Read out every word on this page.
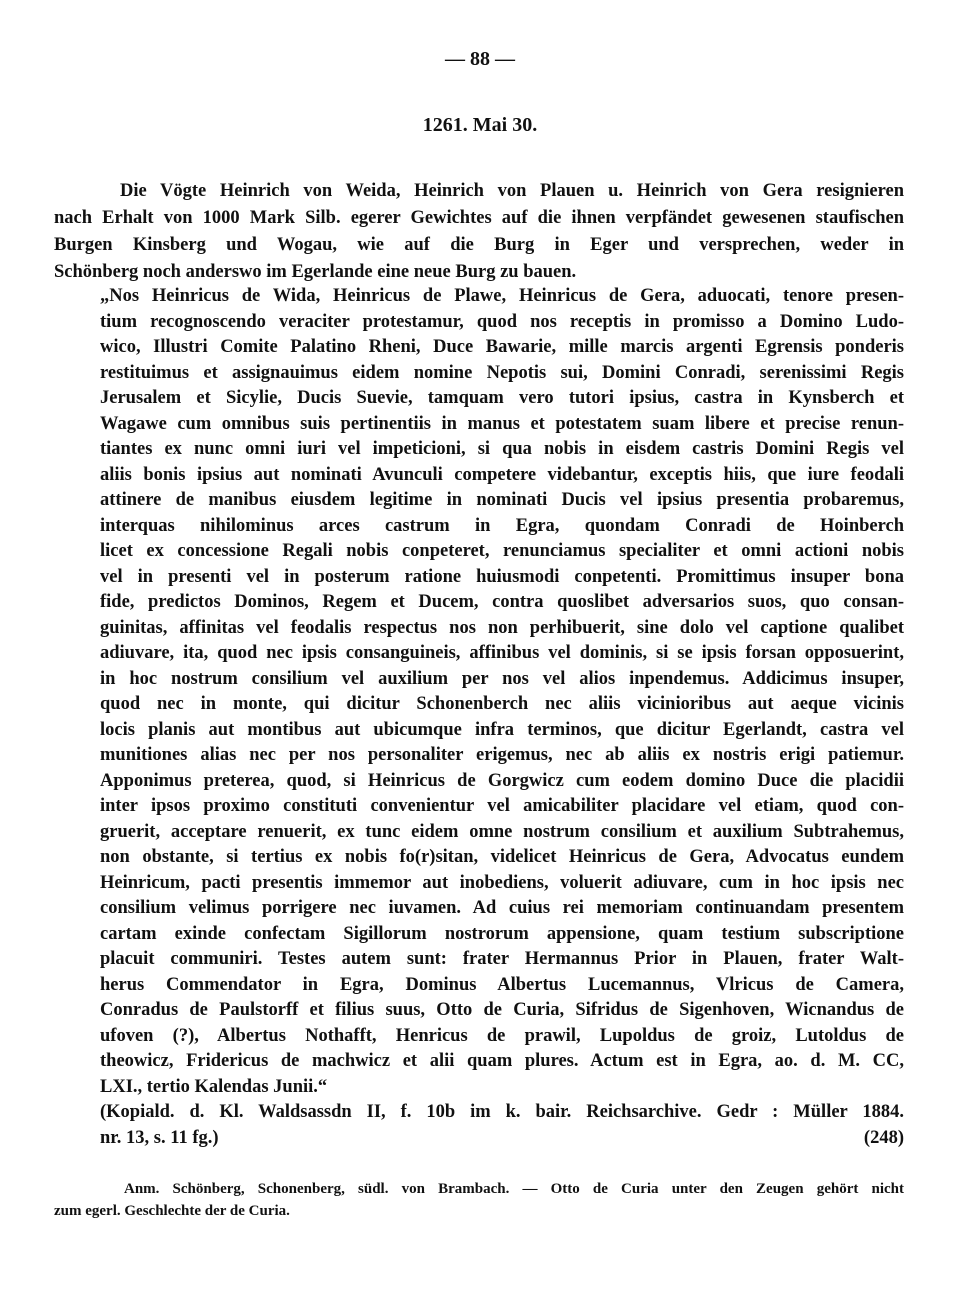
— 88 —
1261. Mai 30.
Die Vögte Heinrich von Weida, Heinrich von Plauen u. Heinrich von Gera resignieren
nach Erhalt von 1000 Mark Silb. egerer Gewichtes auf die ihnen verpfändet gewesenen staufischen
Burgen Kinsberg und Wogau, wie auf die Burg in Eger und versprechen, weder in
Schönberg noch anderswo im Egerlande eine neue Burg zu bauen.
„Nos Heinricus de Wida, Heinricus de Plawe, Heinricus de Gera, aduocati, tenore presen-
tium recognoscendo veraciter protestamur, quod nos receptis in promisso a Domino Ludo-
wico, Illustri Comite Palatino Rheni, Duce Bawarie, mille marcis argenti Egrensis ponderis
restituimus et assignauimus eidem nomine Nepotis sui, Domini Conradi, serenissimi Regis
Jerusalem et Sicylie, Ducis Suevie, tamquam vero tutori ipsius, castra in Kynsberch et
Wagawe cum omnibus suis pertinentiis in manus et potestatem suam libere et precise renun-
tiantes ex nunc omni iuri vel impeticioni, si qua nobis in eisdem castris Domini Regis vel
aliis bonis ipsius aut nominati Avunculi competere videbantur, exceptis hiis, que iure feodali
attinere de manibus eiusdem legitime in nominati Ducis vel ipsius presentia probaremus,
interquas nihilominus arces castrum in Egra, quondam Conradi de Hoinberch
licet ex concessione Regali nobis conpeteret, renunciamus specialiter et omni actioni nobis
vel in presenti vel in posterum ratione huiusmodi conpetenti. Promittimus insuper bona
fide, predictos Dominos, Regem et Ducem, contra quoslibet adversarios suos, quo consan-
guinitas, affinitas vel feodalis respectus nos non perhibuerit, sine dolo vel captione qualibet
adiuvare, ita, quod nec ipsis consanguineis, affinibus vel dominis, si se ipsis forsan opposuerint,
in hoc nostrum consilium vel auxilium per nos vel alios inpendemus. Addicimus insuper,
quod nec in monte, qui dicitur Schonenberch nec aliis vicinioribus aut aeque vicinis
locis planis aut montibus aut ubicumque infra terminos, que dicitur Egerlandt, castra vel
munitiones alias nec per nos personaliter erigemus, nec ab aliis ex nostris erigi patiemur.
Apponimus preterea, quod, si Heinricus de Gorgwicz cum eodem domino Duce die placidii
inter ipsos proximo constituti convenientur vel amicabiliter placidare vel etiam, quod con-
gruerit, acceptare renuerit, ex tunc eidem omne nostrum consilium et auxilium Subtrahemus,
non obstante, si tertius ex nobis fo(r)sitan, videlicet Heinricus de Gera, Advocatus eundem
Heinricum, pacti presentis immemor aut inobediens, voluerit adiuvare, cum in hoc ipsis nec
consilium velimus porrigere nec iuvamen. Ad cuius rei memoriam continuandam presentem
cartam exinde confectam Sigillorum nostrorum appensione, quam testium subscriptione
placuit communiri. Testes autem sunt: frater Hermannus Prior in Plauen, frater Walt-
herus Commendator in Egra, Dominus Albertus Lucemannus, Vlricus de Camera,
Conradus de Paulstorff et filius suus, Otto de Curia, Sifridus de Sigenhoven, Wicnandus de
ufoven (?), Albertus Nothafft, Henricus de prawil, Lupoldus de groiz, Lutoldus de
theowicz, Fridericus de machwicz et alii quam plures. Actum est in Egra, ao. d. M. CC,
LXI., tertio Kalendas Junii.“
(Kopiald. d. Kl. Waldsassdn II, f. 10b im k. bair. Reichsarchive. Gedr : Müller 1884.
nr. 13, s. 11 fg.)	(248)
Anm. Schönberg, Schonenberg, südl. von Brambach. — Otto de Curia unter den Zeugen gehört nicht
zum egerl. Geschlechte der de Curia.
